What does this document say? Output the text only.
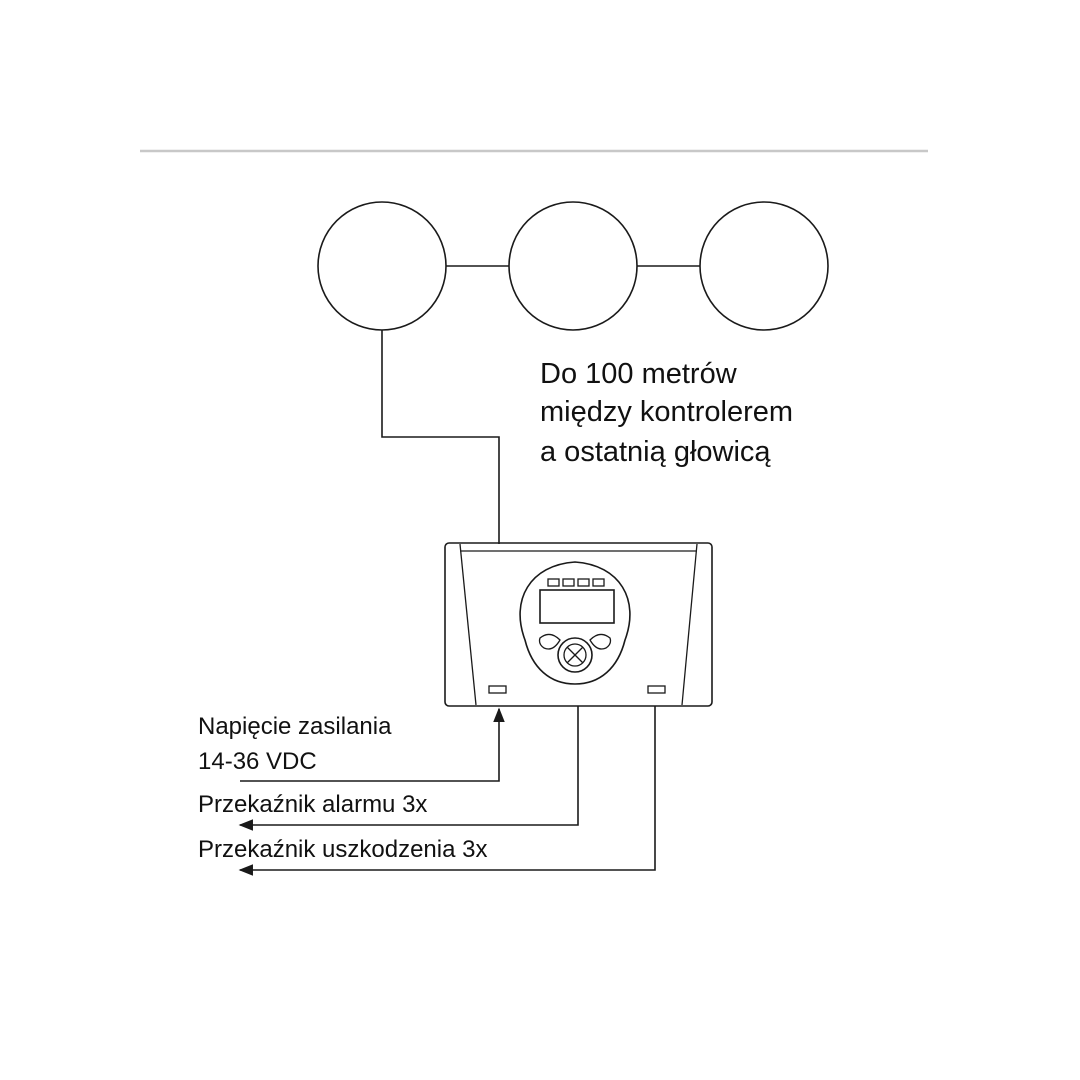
Do 100 metrów
między kontrolerem
a ostatnią głowicą
Napięcie zasilania
14-36 VDC
Przekaźnik alarmu 3x
Przekaźnik uszkodzenia 3x
